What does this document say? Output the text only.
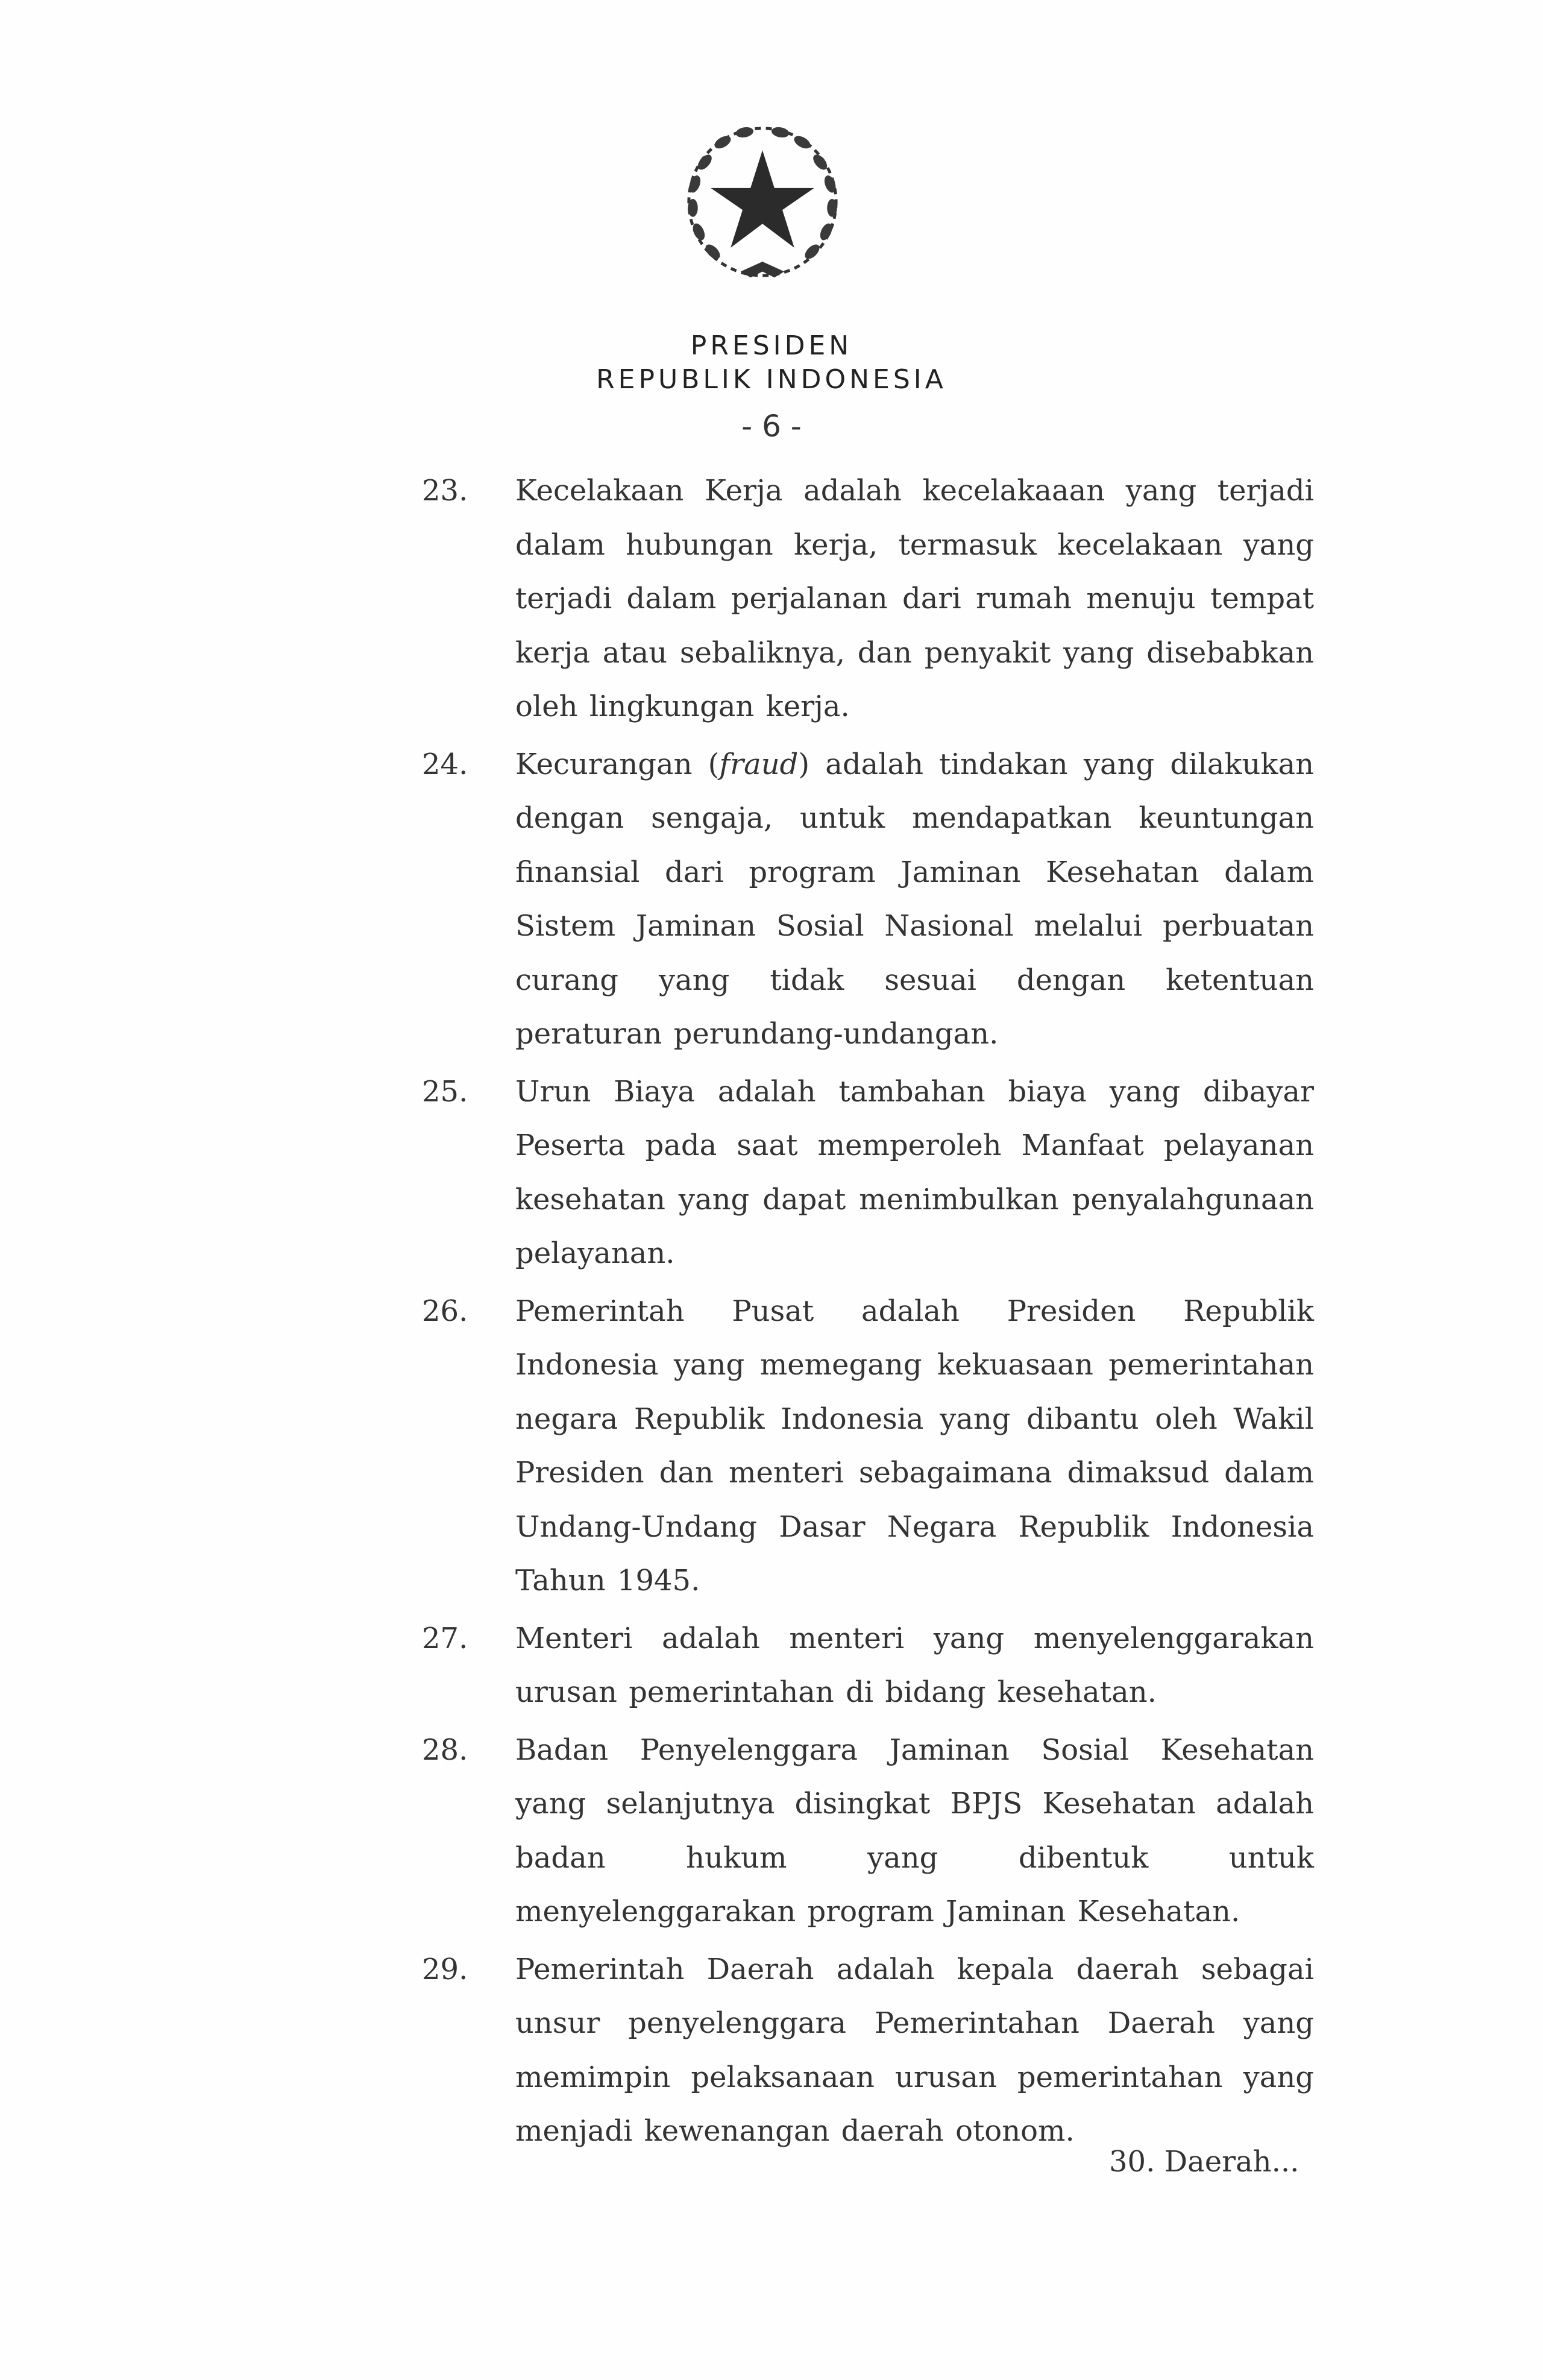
PRESIDEN
REPUBLIK INDONESIA
- 6 -
23. Kecelakaan Kerja adalah kecelakaaan yang terjadi dalam hubungan kerja, termasuk kecelakaan yang terjadi dalam perjalanan dari rumah menuju tempat kerja atau sebaliknya, dan penyakit yang disebabkan oleh lingkungan kerja.
24. Kecurangan (fraud) adalah tindakan yang dilakukan dengan sengaja, untuk mendapatkan keuntungan finansial dari program Jaminan Kesehatan dalam Sistem Jaminan Sosial Nasional melalui perbuatan curang yang tidak sesuai dengan ketentuan peraturan perundang-undangan.
25. Urun Biaya adalah tambahan biaya yang dibayar Peserta pada saat memperoleh Manfaat pelayanan kesehatan yang dapat menimbulkan penyalahgunaan pelayanan.
26. Pemerintah Pusat adalah Presiden Republik Indonesia yang memegang kekuasaan pemerintahan negara Republik Indonesia yang dibantu oleh Wakil Presiden dan menteri sebagaimana dimaksud dalam Undang-Undang Dasar Negara Republik Indonesia Tahun 1945.
27. Menteri adalah menteri yang menyelenggarakan urusan pemerintahan di bidang kesehatan.
28. Badan Penyelenggara Jaminan Sosial Kesehatan yang selanjutnya disingkat BPJS Kesehatan adalah badan hukum yang dibentuk untuk menyelenggarakan program Jaminan Kesehatan.
29. Pemerintah Daerah adalah kepala daerah sebagai unsur penyelenggara Pemerintahan Daerah yang memimpin pelaksanaan urusan pemerintahan yang menjadi kewenangan daerah otonom.
30. Daerah...
